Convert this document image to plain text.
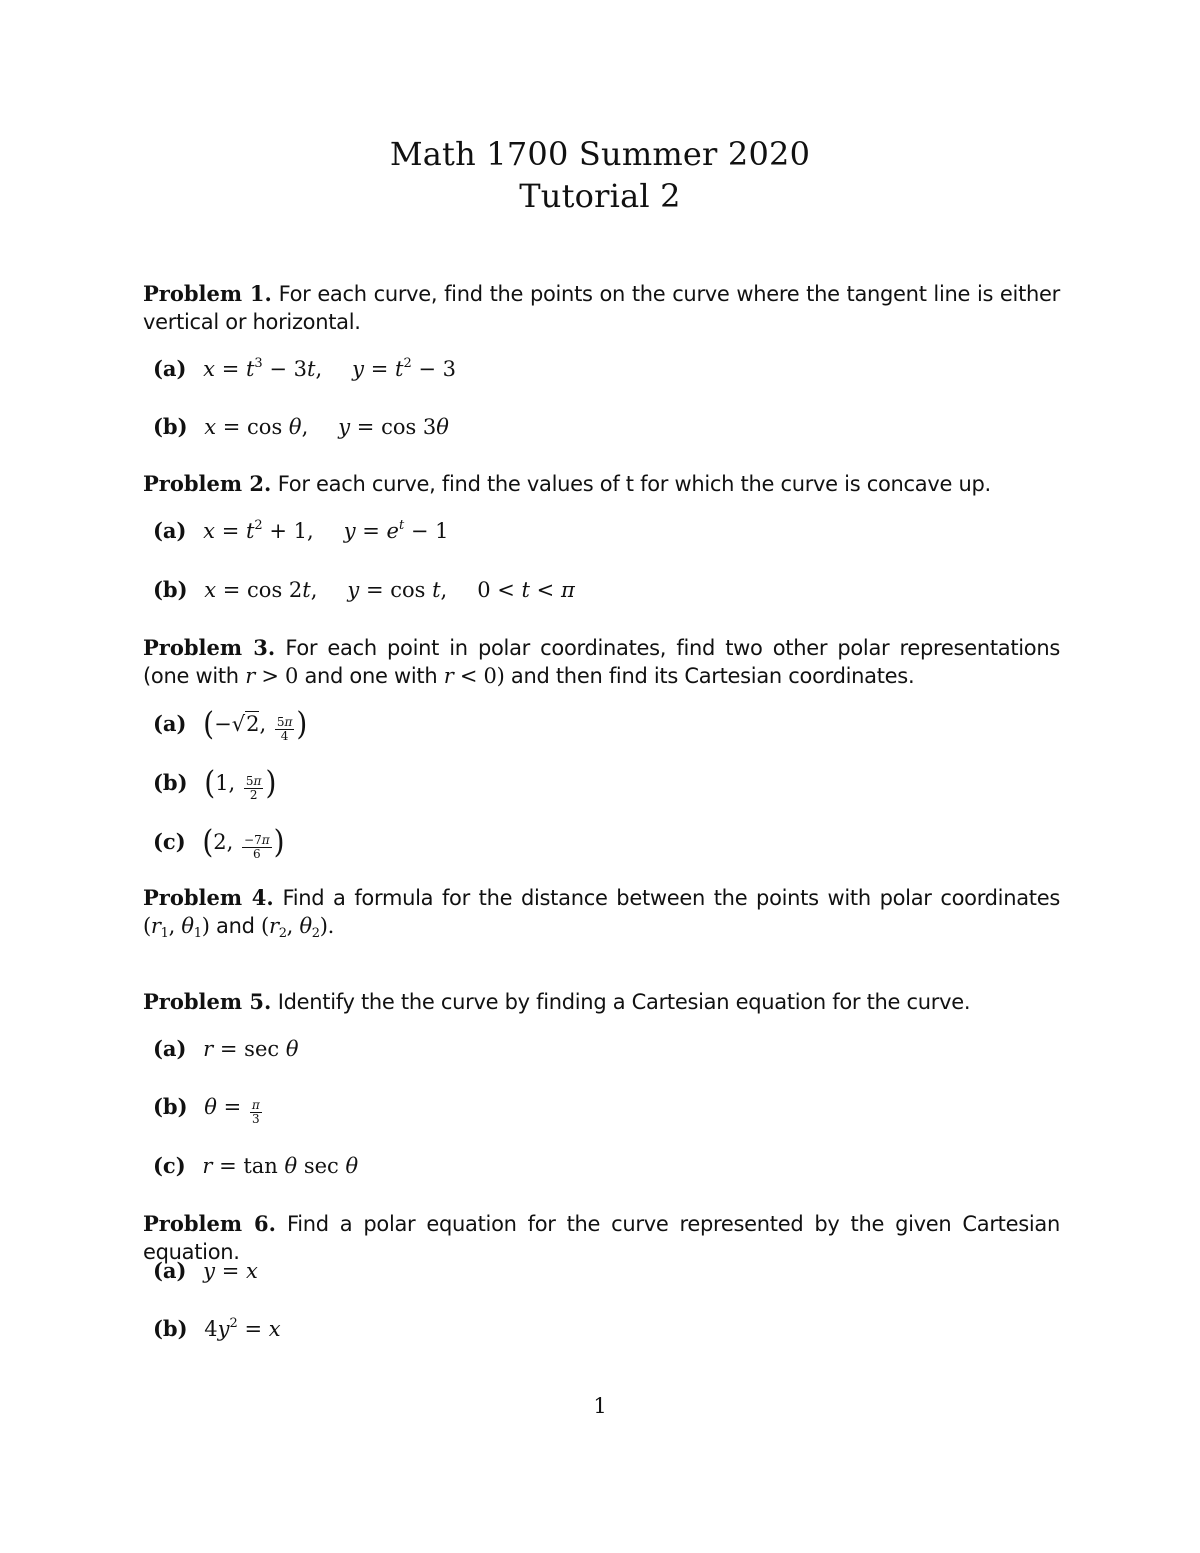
Math 1700 Summer 2020
Tutorial 2
Problem 1. For each curve, find the points on the curve where the tangent line is either vertical or horizontal.
(a) $x = t^3 - 3t$, $y = t^2 - 3$
(b) x = cos θ, y = cos 3θ
Problem 2. For each curve, find the values of t for which the curve is concave up.
(a) $x = t^2 + 1$, $y = e^t - 1$
(b) x = cos 2t, y = cos t, 0 < t < π
Problem 3. For each point in polar coordinates, find two other polar representations (one with r > 0 and one with r < 0) and then find its Cartesian coordinates.
(a) (−√2, $\frac{5\pi}{4}$ )
(b) (1, $\frac{5\pi}{2}$ )
(c) (2, $\frac{-7\pi}{6}$ )
Problem 4. Find a formula for the distance between the points with polar coordinates ($r_1$, $\theta_1$) and ($r_2$, $\theta_2$).
Problem 5. Identify the the curve by finding a Cartesian equation for the curve.
(a) r = sec θ
(b) $\theta = \frac{\pi}{3}$
(c) r = tan θ sec θ
Problem 6. Find a polar equation for the curve represented by the given Cartesian equation.
(a) y = x
(b) $4y^2 = x$
1
